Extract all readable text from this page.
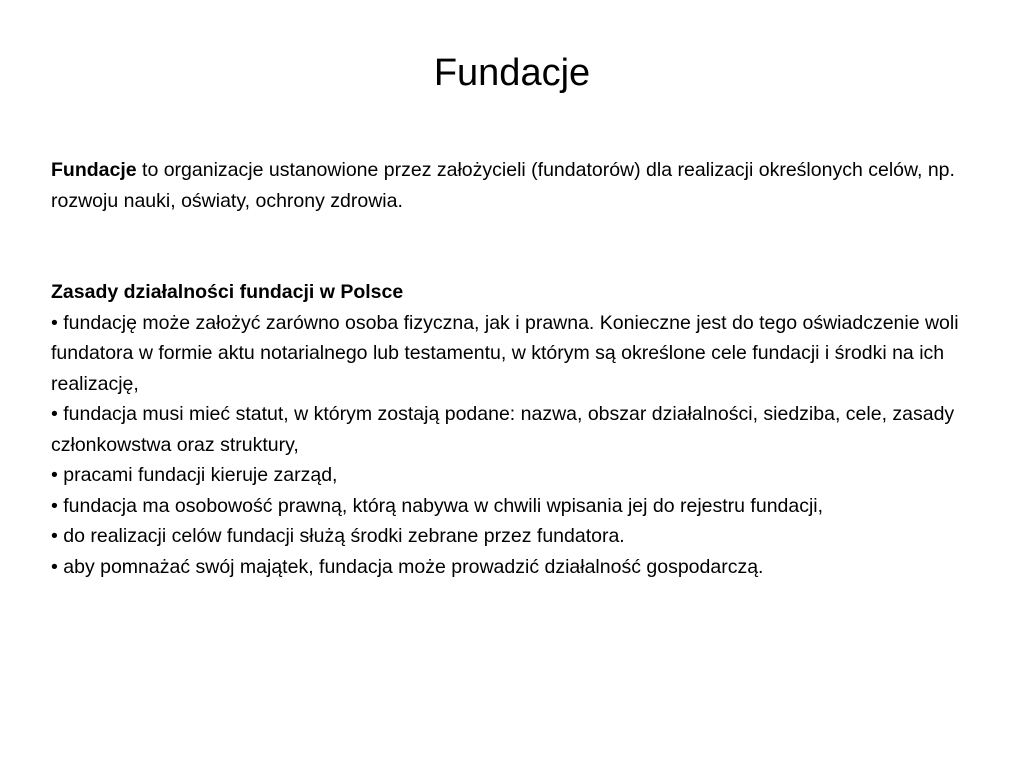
Fundacje

Fundacje to organizacje ustanowione przez założycieli (fundatorów) dla realizacji określonych celów, np. rozwoju nauki, oświaty, ochrony zdrowia.

Zasady działalności fundacji w Polsce

• fundację może założyć zarówno osoba fizyczna, jak i prawna. Konieczne jest do tego oświadczenie woli fundatora w formie aktu notarialnego lub testamentu, w którym są określone cele fundacji i środki na ich realizację,

• fundacja musi mieć statut, w którym zostają podane: nazwa, obszar działalności, siedziba, cele, zasady członkowstwa oraz struktury,

• pracami fundacji kieruje zarząd,

• fundacja ma osobowość prawną, którą nabywa w chwili wpisania jej do rejestru fundacji,

• do realizacji celów fundacji służą środki zebrane przez fundatora.

• aby pomnażać swój majątek, fundacja może prowadzić działalność gospodarczą.
